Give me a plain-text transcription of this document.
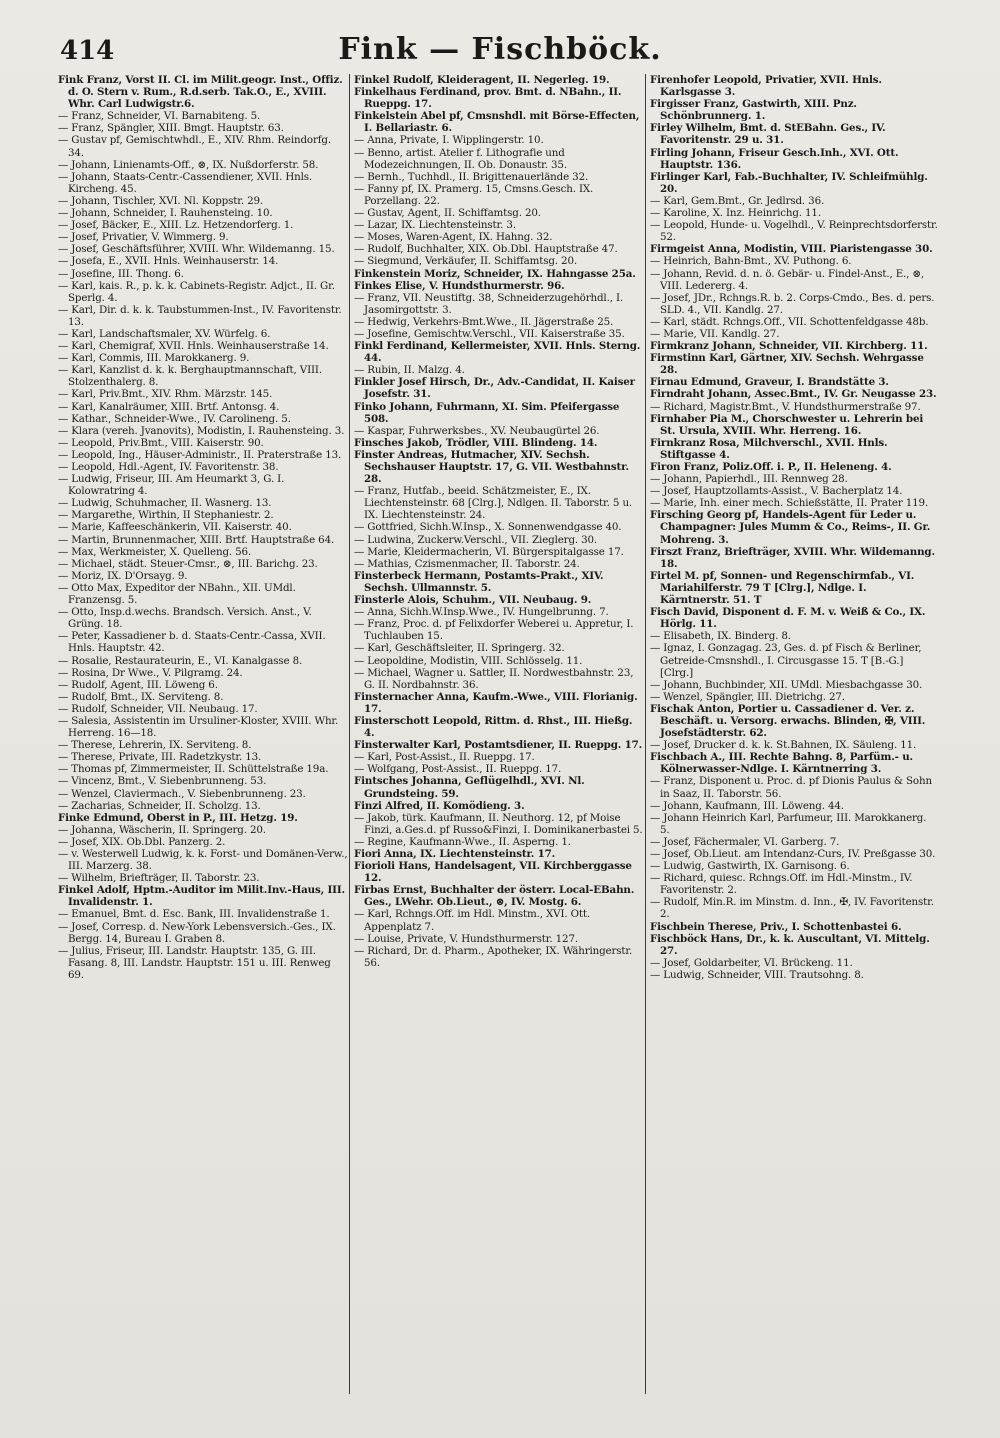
414	Fink — Fischböck.

Fink Franz, Vorst II. Cl. im Milit.geogr. Inst., Offiz. d. O. Stern v. Rum., R.d.serb. Tak.O., E., XVIII. Whr. Carl Ludwigstr.6.

— Franz, Schneider, VI. Barnabiteng. 5.

— Franz, Spängler, XIII. Bmgt. Hauptstr. 63.

— Gustav pf, Gemischtwhdl., E., XIV. Rhm. Reindorfg. 34.

— Johann, Linienamts-Off., ⊗, IX. Nußdorferstr. 58.

— Johann, Staats-Centr.-Cassendiener, XVII. Hnls. Kircheng. 45.

— Johann, Tischler, XVI. Nl. Koppstr. 29.

— Johann, Schneider, I. Rauhensteing. 10.

— Josef, Bäcker, E., XIII. Lz. Hetzendorferg. 1.

— Josef, Privatier, V. Wimmerg. 9.

— Josef, Geschäftsführer, XVIII. Whr. Wildemanng. 15.

— Josefa, E., XVII. Hnls. Weinhauserstr. 14.

— Josefine, III. Thong. 6.

— Karl, kais. R., p. k. k. Cabinets-Registr. Adjct., II. Gr. Sperlg. 4.

— Karl, Dir. d. k. k. Taubstummen-Inst., IV. Favoritenstr. 13.

— Karl, Landschaftsmaler, XV. Würfelg. 6.

— Karl, Chemigraf, XVII. Hnls. Weinhauserstraße 14.

— Karl, Commis, III. Marokkanerg. 9.

— Karl, Kanzlist d. k. k. Berghauptmannschaft, VIII. Stolzenthalerg. 8.

— Karl, Priv.Bmt., XIV. Rhm. Märzstr. 145.

— Karl, Kanalräumer, XIII. Brtf. Antonsg. 4.

— Kathar., Schneider-Wwe., IV. Carolineng. 5.

— Klara (vereh. Jvanovits), Modistin, I. Rauhensteing. 3.

— Leopold, Priv.Bmt., VIII. Kaiserstr. 90.

— Leopold, Ing., Häuser-Administr., II. Praterstraße 13.

— Leopold, Hdl.-Agent, IV. Favoritenstr. 38.

— Ludwig, Friseur, III. Am Heumarkt 3, G. I. Kolowratring 4.

— Ludwig, Schuhmacher, II. Wasnerg. 13.

— Margarethe, Wirthin, II Stephaniestr. 2.

— Marie, Kaffeeschänkerin, VII. Kaiserstr. 40.

— Martin, Brunnenmacher, XIII. Brtf. Hauptstraße 64.

— Max, Werkmeister, X. Quelleng. 56.

— Michael, städt. Steuer-Cmsr., ⊗, III. Barichg. 23.

— Moriz, IX. D'Orsayg. 9.

— Otto Max, Expeditor der NBahn., XII. UMdl. Franzensg. 5.

— Otto, Insp.d.wechs. Brandsch. Versich. Anst., V. Grüng. 18.

— Peter, Kassadiener b. d. Staats-Centr.-Cassa, XVII. Hnls. Hauptstr. 42.

— Rosalie, Restaurateurin, E., VI. Kanalgasse 8.

— Rosina, Dr Wwe., V. Pilgramg. 24.

— Rudolf, Agent, III. Löweng 6.

— Rudolf, Bmt., IX. Serviteng. 8.

— Rudolf, Schneider, VII. Neubaug. 17.

— Salesia, Assistentin im Ursuliner-Kloster, XVIII. Whr. Herreng. 16—18.

— Therese, Lehrerin, IX. Serviteng. 8.

— Therese, Private, III. Radetzkystr. 13.

— Thomas pf, Zimmermeister, II. Schüttelstraße 19a.

— Vincenz, Bmt., V. Siebenbrunneng. 53.

— Wenzel, Claviermach., V. Siebenbrunneng. 23.

— Zacharias, Schneider, II. Scholzg. 13.

Finke Edmund, Oberst in P., III. Hetzg. 19.

— Johanna, Wäscherin, II. Springerg. 20.

— Josef, XIX. Ob.Dbl. Panzerg. 2.

— v. Westerwell Ludwig, k. k. Forst- und Domänen-Verw., III. Marzerg. 38.

— Wilhelm, Briefträger, II. Taborstr. 23.

Finkel Adolf, Hptm.-Auditor im Milit.Inv.-Haus, III. Invalidenstr. 1.

— Emanuel, Bmt. d. Esc. Bank, III. Invalidenstraße 1.

— Josef, Corresp. d. New-York Lebensversich.-Ges., IX. Bergg. 14, Bureau I. Graben 8.

— Julius, Friseur, III. Landstr. Hauptstr. 135, G. III. Fasang. 8, III. Landstr. Hauptstr. 151 u. III. Renweg 69.

Finkel Rudolf, Kleideragent, II. Negerleg. 19.

Finkelhaus Ferdinand, prov. Bmt. d. NBahn., II. Rueppg. 17.

Finkelstein Abel pf, Cmsnshdl. mit Börse-Effecten, I. Bellariastr. 6.

— Anna, Private, I. Wipplingerstr. 10.

— Benno, artist. Atelier f. Lithografie und Modezeichnungen, II. Ob. Donaustr. 35.

— Bernh., Tuchhdl., II. Brigittenauerlände 32.

— Fanny pf, IX. Pramerg. 15, Cmsns.Gesch. IX. Porzellang. 22.

— Gustav, Agent, II. Schiffamtsg. 20.

— Lazar, IX. Liechtensteinstr. 3.

— Moses, Waren-Agent, IX. Hahng. 32.

— Rudolf, Buchhalter, XIX. Ob.Dbl. Hauptstraße 47.

— Siegmund, Verkäufer, II. Schiffamtsg. 20.

Finkenstein Moriz, Schneider, IX. Hahngasse 25a.

Finkes Elise, V. Hundsthurmerstr. 96.

— Franz, VII. Neustiftg. 38, Schneiderzugehörhdl., I. Jasomirgottstr. 3.

— Hedwig, Verkehrs-Bmt.Wwe., II. Jägerstraße 25.

— Josefine, Gemischtw.Verschl., VII. Kaiserstraße 35.

Finkl Ferdinand, Kellermeister, XVII. Hnls. Sterng. 44.

— Rubin, II. Malzg. 4.

Finkler Josef Hirsch, Dr., Adv.-Candidat, II. Kaiser Josefstr. 31.

Finko Johann, Fuhrmann, XI. Sim. Pfeifergasse 508.

— Kaspar, Fuhrwerksbes., XV. Neubaugürtel 26.

Finsches Jakob, Trödler, VIII. Blindeng. 14.

Finster Andreas, Hutmacher, XIV. Sechsh. Sechshauser Hauptstr. 17, G. VII. Westbahnstr. 28.

— Franz, Hutfab., beeid. Schätzmeister, E., IX. Liechtensteinstr. 68 [Clrg.], Ndlgen. II. Taborstr. 5 u. IX. Liechtensteinstr. 24.

— Gottfried, Sichh.W.Insp., X. Sonnenwendgasse 40.

— Ludwina, Zuckerw.Verschl., VII. Zieglerg. 30.

— Marie, Kleidermacherin, VI. Bürgerspitalgasse 17.

— Mathias, Czismenmacher, II. Taborstr. 24.

Finsterbeck Hermann, Postamts-Prakt., XIV. Sechsh. Ullmannstr. 5.

Finsterle Alois, Schuhm., VII. Neubaug. 9.

— Anna, Sichh.W.Insp.Wwe., IV. Hungelbrunng. 7.

— Franz, Proc. d. pf Felixdorfer Weberei u. Appretur, I. Tuchlauben 15.

— Karl, Geschäftsleiter, II. Springerg. 32.

— Leopoldine, Modistin, VIII. Schlösselg. 11.

— Michael, Wagner u. Sattler, II. Nordwestbahnstr. 23, G. II. Nordbahnstr. 36.

Finsternacher Anna, Kaufm.-Wwe., VIII. Florianig. 17.

Finsterschott Leopold, Rittm. d. Rhst., III. Hießg. 4.

Finsterwalter Karl, Postamtsdiener, II. Rueppg. 17.

— Karl, Post-Assist., II. Rueppg. 17.

— Wolfgang, Post-Assist., II. Rueppg. 17.

Fintsches Johanna, Geflügelhdl., XVI. Nl. Grundsteing. 59.

Finzi Alfred, II. Komödieng. 3.

— Jakob, türk. Kaufmann, II. Neuthorg. 12, pf Moise Finzi, a.Ges.d. pf Russo&Finzi, I. Dominikanerbastei 5.

— Regine, Kaufmann-Wwe., II. Asperng. 1.

Fiori Anna, IX. Liechtensteinstr. 17.

Fiorioli Hans, Handelsagent, VII. Kirchberggasse 12.

Firbas Ernst, Buchhalter der österr. Local-EBahn. Ges., LWehr. Ob.Lieut., ⊗, IV. Mostg. 6.

— Karl, Rchngs.Off. im Hdl. Minstm., XVI. Ott. Appenplatz 7.

— Louise, Private, V. Hundsthurmerstr. 127.

— Richard, Dr. d. Pharm., Apotheker, IX. Währingerstr. 56.

Firenhofer Leopold, Privatier, XVII. Hnls. Karlsgasse 3.

Firgisser Franz, Gastwirth, XIII. Pnz. Schönbrunnerg. 1.

Firley Wilhelm, Bmt. d. StEBahn. Ges., IV. Favoritenstr. 29 u. 31.

Firling Johann, Friseur Gesch.Inh., XVI. Ott. Hauptstr. 136.

Firlinger Karl, Fab.-Buchhalter, IV. Schleifmühlg. 20.

— Karl, Gem.Bmt., Gr. Jedlrsd. 36.

— Karoline, X. Inz. Heinrichg. 11.

— Leopold, Hunde- u. Vogelhdl., V. Reinprechtsdorferstr. 52.

Firmgeist Anna, Modistin, VIII. Piaristengasse 30.

— Heinrich, Bahn-Bmt., XV. Puthong. 6.

— Johann, Revid. d. n. ö. Gebär- u. Findel-Anst., E., ⊗, VIII. Ledererg. 4.

— Josef, JDr., Rchngs.R. b. 2. Corps-Cmdo., Bes. d. pers. SLD. 4., VII. Kandlg. 27.

— Karl, städt. Rchngs.Off., VII. Schottenfeldgasse 48b.

— Marie, VII. Kandlg. 27.

Firmkranz Johann, Schneider, VII. Kirchberg. 11.

Firmstinn Karl, Gärtner, XIV. Sechsh. Wehrgasse 28.

Firnau Edmund, Graveur, I. Brandstätte 3.

Firndraht Johann, Assec.Bmt., IV. Gr. Neugasse 23.

— Richard, Magistr.Bmt., V. Hundsthurmerstraße 97.

Firnhaber Pia M., Chorschwester u. Lehrerin bei St. Ursula, XVIII. Whr. Herreng. 16.

Firnkranz Rosa, Milchverschl., XVII. Hnls. Stiftgasse 4.

Firon Franz, Poliz.Off. i. P., II. Heleneng. 4.

— Johann, Papierhdl., III. Rennweg 28.

— Josef, Hauptzollamts-Assist., V. Bacherplatz 14.

— Marie, Inh. einer mech. Schießstätte, II. Prater 119.

Firsching Georg pf, Handels-Agent für Leder u. Champagner: Jules Mumm & Co., Reims-, II. Gr. Mohreng. 3.

Firszt Franz, Briefträger, XVIII. Whr. Wildemanng. 18.

Firtel M. pf, Sonnen- und Regenschirmfab., VI. Mariahilferstr. 79 T [Clrg.], Ndlge. I. Kärntnerstr. 51. T

Fisch David, Disponent d. F. M. v. Weiß & Co., IX. Hörlg. 11.

— Elisabeth, IX. Binderg. 8.

— Ignaz, I. Gonzagag. 23, Ges. d. pf Fisch & Berliner, Getreide-Cmsnshdl., I. Circusgasse 15. T [B.-G.] [Clrg.]

— Johann, Buchbinder, XII. UMdl. Miesbachgasse 30.

— Wenzel, Spängler, III. Dietrichg. 27.

Fischak Anton, Portier u. Cassadiener d. Ver. z. Beschäft. u. Versorg. erwachs. Blinden, ✠, VIII. Josefstädterstr. 62.

— Josef, Drucker d. k. k. St.Bahnen, IX. Säuleng. 11.

Fischbach A., III. Rechte Bahng. 8, Parfüm.- u. Kölnerwasser-Ndlge. I. Kärntnerring 3.

— Franz, Disponent u. Proc. d. pf Dionis Paulus & Sohn in Saaz, II. Taborstr. 56.

— Johann, Kaufmann, III. Löweng. 44.

— Johann Heinrich Karl, Parfumeur, III. Marokkanerg. 5.

— Josef, Fächermaler, VI. Garberg. 7.

— Josef, Ob.Lieut. am Intendanz-Curs, IV. Preßgasse 30.

— Ludwig, Gastwirth, IX. Garnisong. 6.

— Richard, quiesc. Rchngs.Off. im Hdl.-Minstm., IV. Favoritenstr. 2.

— Rudolf, Min.R. im Minstm. d. Inn., ✠, IV. Favoritenstr. 2.

Fischbein Therese, Priv., I. Schottenbastei 6.

Fischböck Hans, Dr., k. k. Auscultant, VI. Mittelg. 27.

— Josef, Goldarbeiter, VI. Brückeng. 11.

— Ludwig, Schneider, VIII. Trautsohng. 8.
